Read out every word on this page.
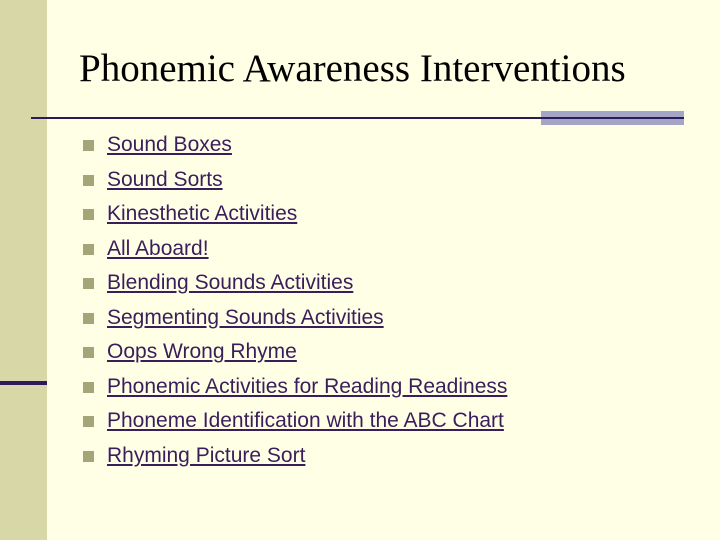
Phonemic Awareness Interventions
Sound Boxes
Sound Sorts
Kinesthetic Activities
All Aboard!
Blending Sounds Activities
Segmenting Sounds Activities
Oops Wrong Rhyme
Phonemic Activities for Reading Readiness
Phoneme Identification with the ABC Chart
Rhyming Picture Sort
